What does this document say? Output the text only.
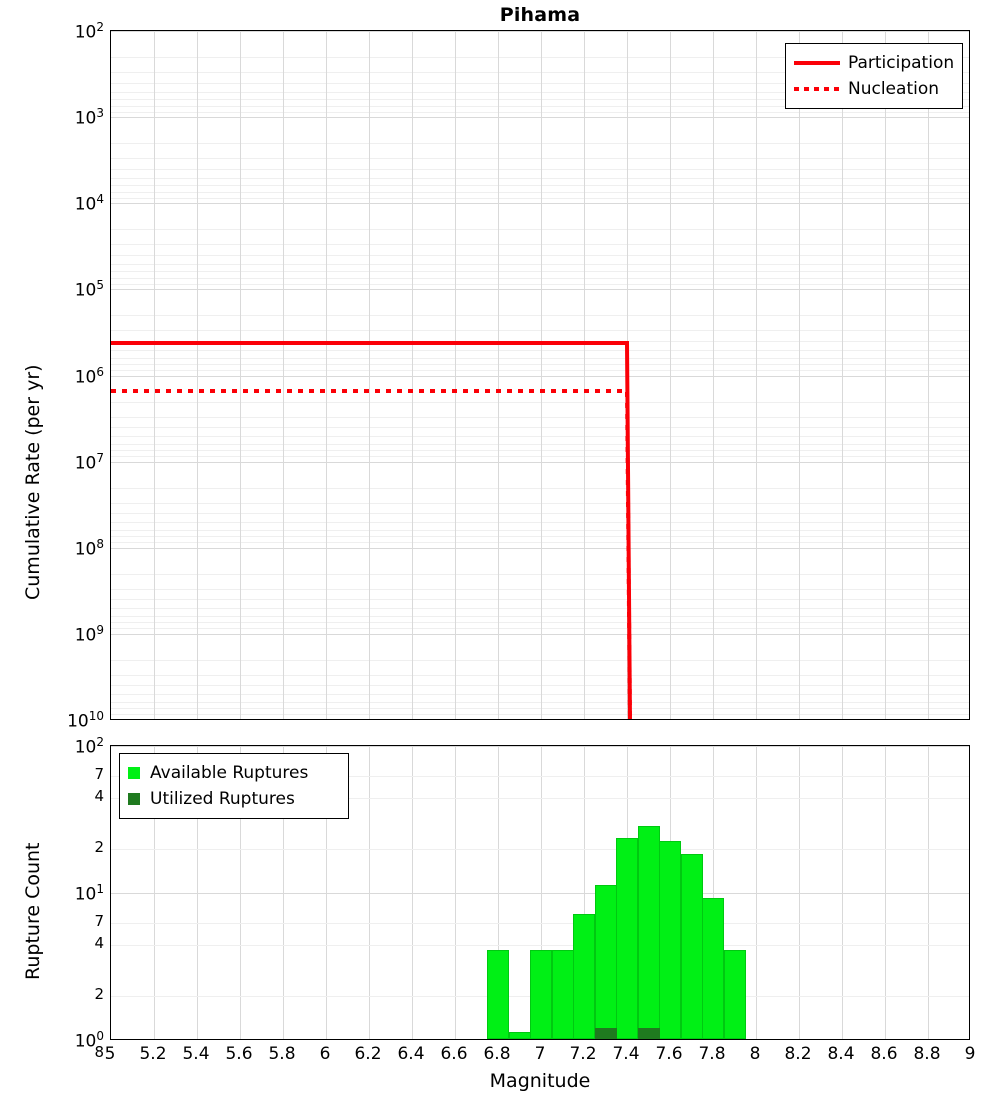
Pihama
Participation
Nucleation
$10^2$
$10^3$
$10^4$
$10^5$
$10^6$
$10^7$
$10^8$
$10^9$
$10^{10}$
Cumulative Rate (per yr)
Available Ruptures
Utilized Ruptures
$10^2$
7
4
2
$10^1$
7
4
2
$10^0$
8
Rupture Count
5	5.2 5.4 5.6 5.8	6	6.2 6.4 6.6 6.8	7	7.2 7.4 7.6 7.8	8	8.2 8.4 8.6 8.8	9
Magnitude
